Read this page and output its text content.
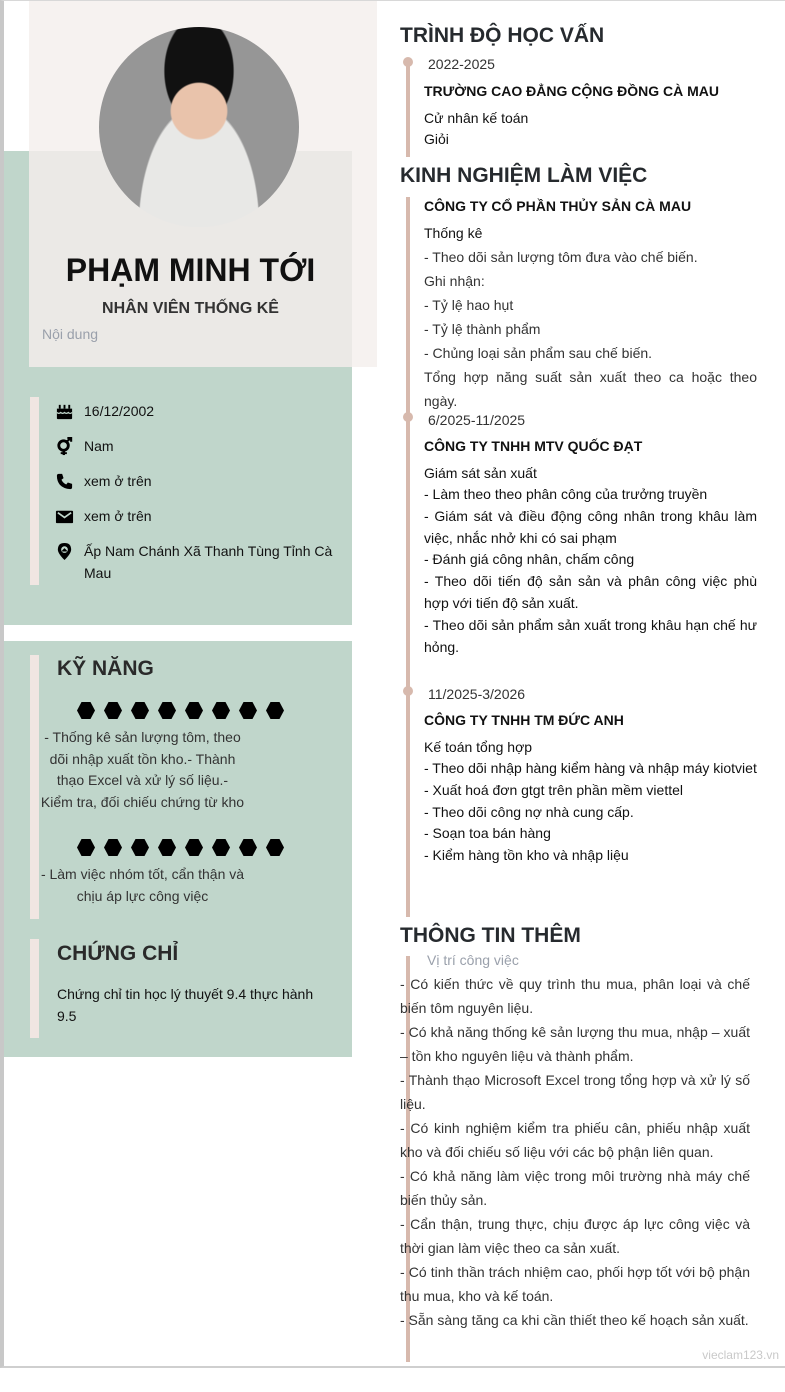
PHẠM MINH TỚI
NHÂN VIÊN THỐNG KÊ
Nội dung
16/12/2002
Nam
xem ở trên
xem ở trên
Ấp Nam Chánh Xã Thanh Tùng Tỉnh Cà Mau
KỸ NĂNG
- Thống kê sản lượng tôm, theo dõi nhập xuất tồn kho.- Thành thạo Excel và xử lý số liệu.- Kiểm tra, đối chiếu chứng từ kho
- Làm việc nhóm tốt, cẩn thận và chịu áp lực công việc
CHỨNG CHỈ
Chứng chỉ tin học lý thuyết 9.4 thực hành 9.5
TRÌNH ĐỘ HỌC VẤN
2022-2025
TRƯỜNG CAO ĐẲNG CỘNG ĐỒNG CÀ MAU
Cử nhân kế toán
Giỏi
KINH NGHIỆM LÀM VIỆC
CÔNG TY CỔ PHẦN THỦY SẢN CÀ MAU
Thống kê
- Theo dõi sản lượng tôm đưa vào chế biến.
Ghi nhận:
- Tỷ lệ hao hụt
- Tỷ lệ thành phẩm
- Chủng loại sản phẩm sau chế biến.
Tổng hợp năng suất sản xuất theo ca hoặc theo ngày.
6/2025-11/2025
CÔNG TY TNHH MTV QUỐC ĐẠT
Giám sát sản xuất
- Làm theo theo phân công của trưởng truyền
- Giám sát và điều động công nhân trong khâu làm việc, nhắc nhở khi có sai phạm
- Đánh giá công nhân, chấm công
- Theo dõi tiến độ sản sản và phân công việc phù hợp với tiến độ sản xuất.
- Theo dõi sản phẩm sản xuất trong khâu hạn chế hư hỏng.
11/2025-3/2026
CÔNG TY TNHH TM ĐỨC ANH
Kế toán tổng hợp
- Theo dõi nhập hàng kiểm hàng và nhập máy kiotviet
- Xuất hoá đơn gtgt trên phần mềm viettel
- Theo dõi công nợ nhà cung cấp.
- Soạn toa bán hàng
- Kiểm hàng tồn kho và nhập liệu
THÔNG TIN THÊM
Vị trí công việc
- Có kiến thức về quy trình thu mua, phân loại và chế biến tôm nguyên liệu.
- Có khả năng thống kê sản lượng thu mua, nhập – xuất – tồn kho nguyên liệu và thành phẩm.
- Thành thạo Microsoft Excel trong tổng hợp và xử lý số liệu.
- Có kinh nghiệm kiểm tra phiếu cân, phiếu nhập xuất kho và đối chiếu số liệu với các bộ phận liên quan.
- Có khả năng làm việc trong môi trường nhà máy chế biến thủy sản.
- Cẩn thận, trung thực, chịu được áp lực công việc và thời gian làm việc theo ca sản xuất.
- Có tinh thần trách nhiệm cao, phối hợp tốt với bộ phận thu mua, kho và kế toán.
- Sẵn sàng tăng ca khi cần thiết theo kế hoạch sản xuất.
vieclam123.vn
